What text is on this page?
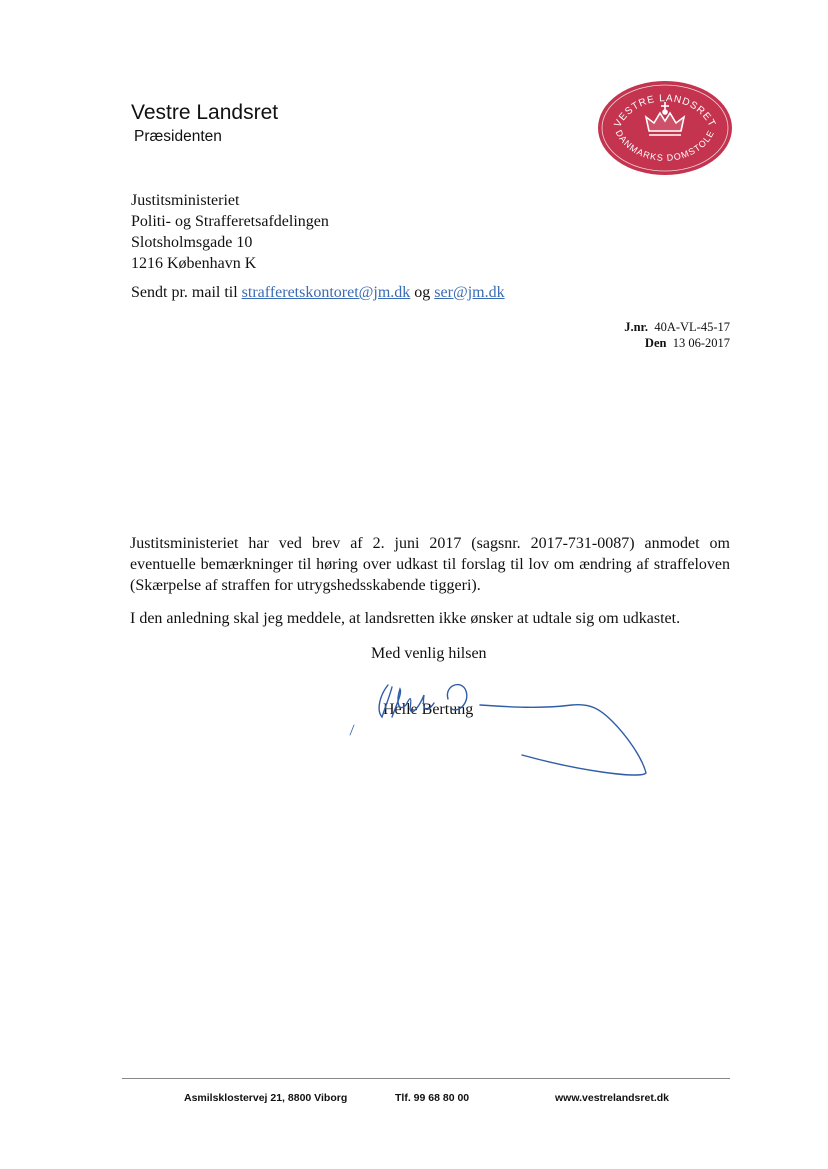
Vestre Landsret
Præsidenten
VESTRE LANDSRET
DANMARKS DOMSTOLE
Justitsministeriet
Politi- og Strafferetsafdelingen
Slotsholmsgade 10
1216 København K
Sendt pr. mail til strafferetskontoret@jm.dk og ser@jm.dk
J.nr. 40A-VL-45-17
Den 13 06-2017
Justitsministeriet har ved brev af 2. juni 2017 (sagsnr. 2017-731-0087) anmodet om eventuelle bemærkninger til høring over udkast til forslag til lov om ændring af straffeloven (Skærpelse af straffen for utrygshedsskabende tiggeri).
I den anledning skal jeg meddele, at landsretten ikke ønsker at udtale sig om udkastet.
Med venlig hilsen
Helle Bertung
Asmilsklostervej 21, 8800 Viborg	Tlf. 99 68 80 00	www.vestrelandsret.dk
